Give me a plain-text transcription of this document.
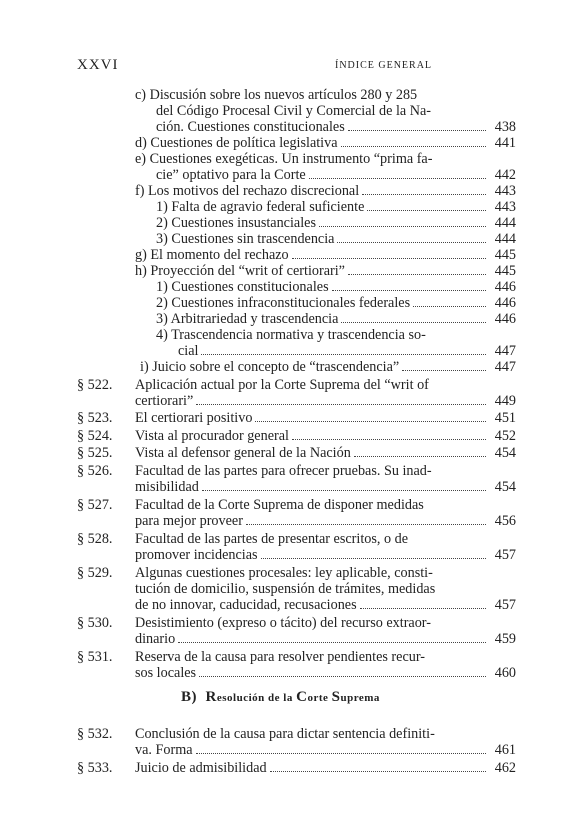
XXVI	ÍNDICE GENERAL
c) Discusión sobre los nuevos artículos 280 y 285
del Código Procesal Civil y Comercial de la Na-
ción. Cuestiones constitucionales	438
d) Cuestiones de política legislativa	441
e) Cuestiones exegéticas. Un instrumento “prima fa-
cie” optativo para la Corte	442
f) Los motivos del rechazo discrecional	443
1) Falta de agravio federal suficiente	443
2) Cuestiones insustanciales	444
3) Cuestiones sin trascendencia	444
g) El momento del rechazo	445
h) Proyección del “writ of certiorari”	445
1) Cuestiones constitucionales	446
2) Cuestiones infraconstitucionales federales	446
3) Arbitrariedad y trascendencia	446
4) Trascendencia normativa y trascendencia so-
cial	447
i) Juicio sobre el concepto de “trascendencia”	447
§ 522. Aplicación actual por la Corte Suprema del “writ of
certiorari”	449
§ 523. El certiorari positivo	451
§ 524. Vista al procurador general	452
§ 525. Vista al defensor general de la Nación	454
§ 526. Facultad de las partes para ofrecer pruebas. Su inad-
misibilidad	454
§ 527. Facultad de la Corte Suprema de disponer medidas
para mejor proveer	456
§ 528. Facultad de las partes de presentar escritos, o de
promover incidencias	457
§ 529. Algunas cuestiones procesales: ley aplicable, consti-
tución de domicilio, suspensión de trámites, medidas
de no innovar, caducidad, recusaciones	457
§ 530. Desistimiento (expreso o tácito) del recurso extraor-
dinario	459
§ 531. Reserva de la causa para resolver pendientes recur-
sos locales	460
B) Resolución de la Corte Suprema
§ 532. Conclusión de la causa para dictar sentencia definiti-
va. Forma	461
§ 533. Juicio de admisibilidad	462
